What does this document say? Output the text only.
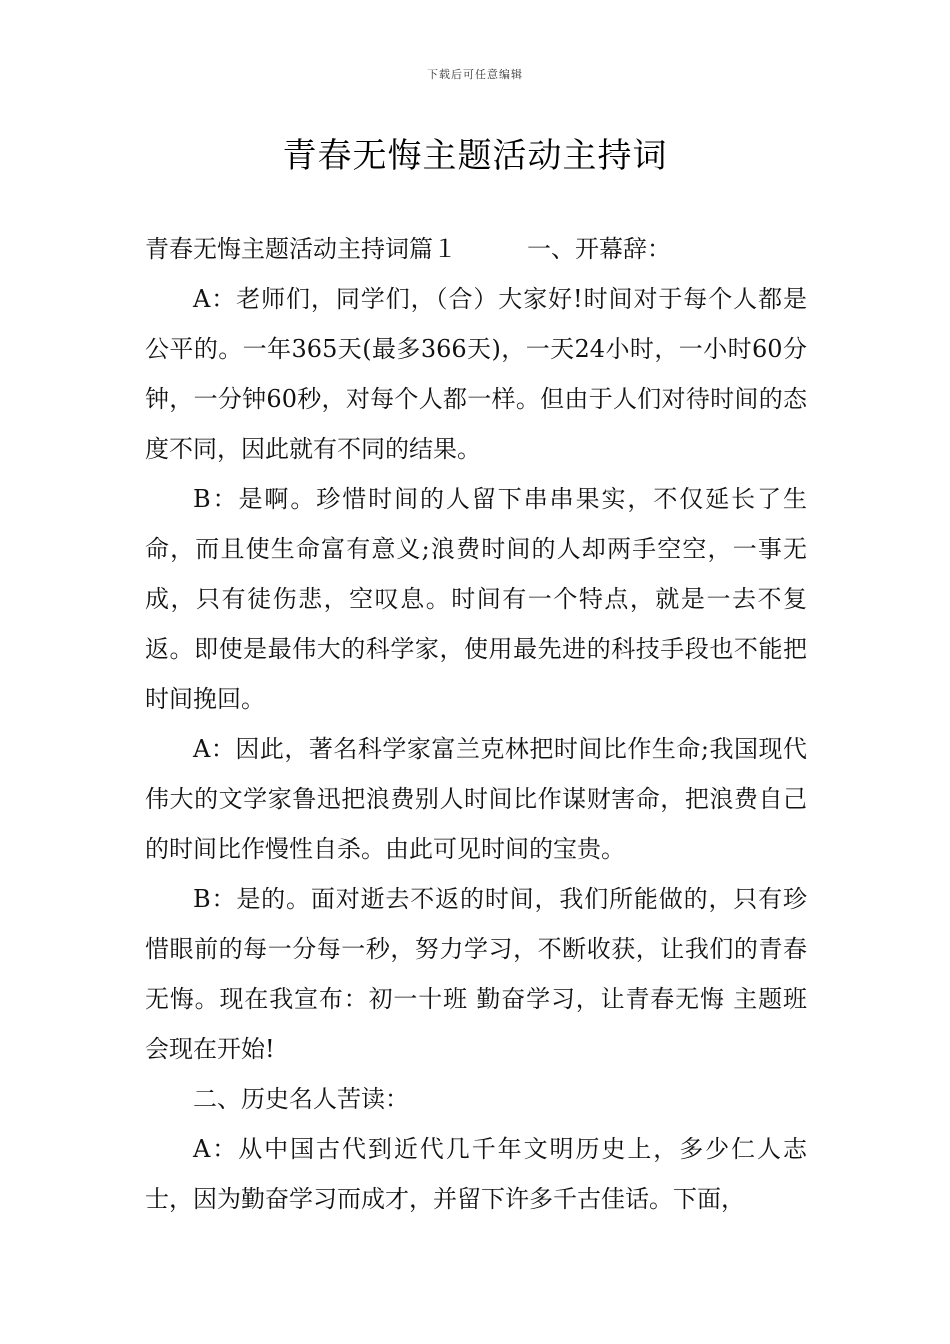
下载后可任意编辑
青春无悔主题活动主持词

青春无悔主题活动主持词篇１	一、开幕辞：

A：老师们，同学们，（合）大家好!时间对于每个人都是公平的。一年365天(最多366天)，一天24小时，一小时60分钟，一分钟60秒，对每个人都一样。但由于人们对待时间的态度不同，因此就有不同的结果。

B：是啊。珍惜时间的人留下串串果实，不仅延长了生命，而且使生命富有意义;浪费时间的人却两手空空，一事无成，只有徒伤悲，空叹息。时间有一个特点，就是一去不复返。即使是最伟大的科学家，使用最先进的科技手段也不能把时间挽回。

A：因此，著名科学家富兰克林把时间比作生命;我国现代伟大的文学家鲁迅把浪费别人时间比作谋财害命，把浪费自己的时间比作慢性自杀。由此可见时间的宝贵。

B：是的。面对逝去不返的时间，我们所能做的，只有珍惜眼前的每一分每一秒，努力学习，不断收获，让我们的青春无悔。现在我宣布：初一十班 勤奋学习，让青春无悔 主题班会现在开始!

二、历史名人苦读：

A：从中国古代到近代几千年文明历史上，多少仁人志士，因为勤奋学习而成才，并留下许多千古佳话。下面，
